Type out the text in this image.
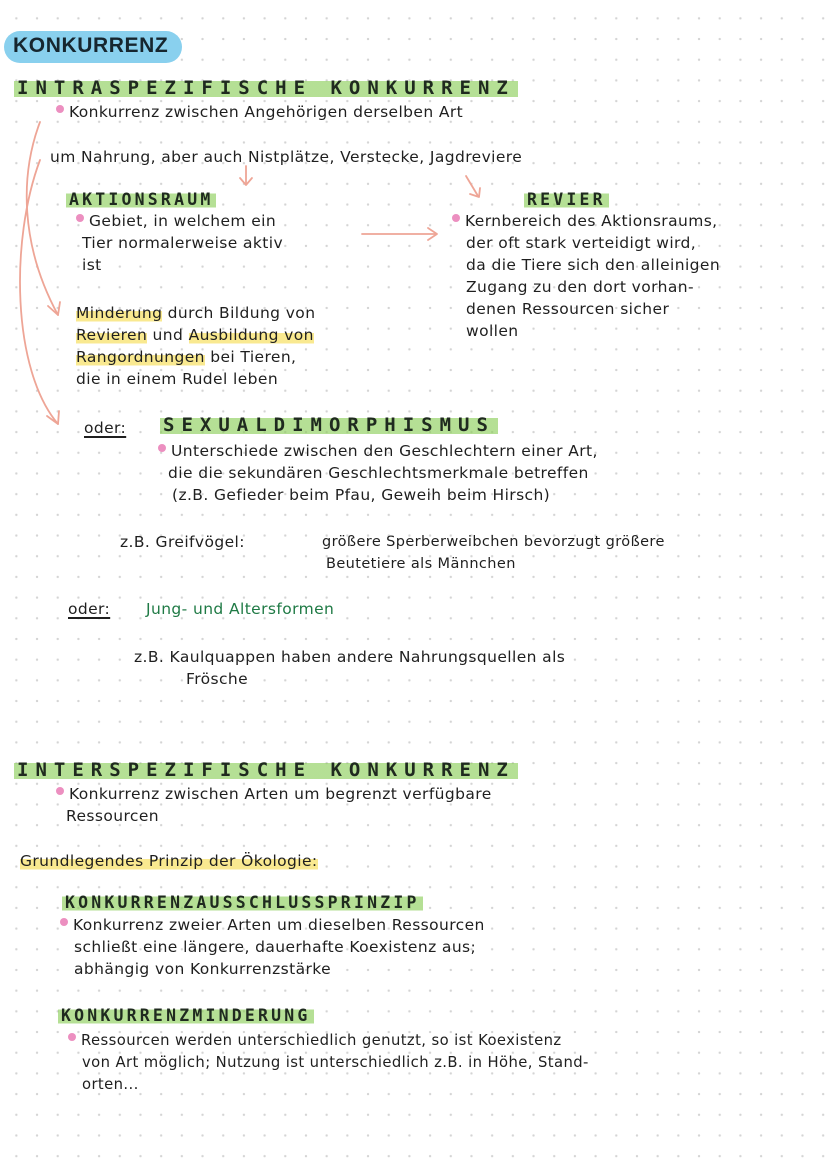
KONKURRENZ
INTRASPEZIFISCHE KONKURRENZ
Konkurrenz zwischen Angehörigen derselben Art
um Nahrung, aber auch Nistplätze, Verstecke, Jagdreviere
AKTIONSRAUM
Gebiet, in welchem ein
Tier normalerweise aktiv
ist
REVIER
Kernbereich des Aktionsraums,
der oft stark verteidigt wird,
da die Tiere sich den alleinigen
Zugang zu den dort vorhan-
denen Ressourcen sicher
wollen
Minderung durch Bildung von
Revieren und Ausbildung von
Rangordnungen bei Tieren,
die in einem Rudel leben
oder: SEXUALDIMORPHISMUS
Unterschiede zwischen den Geschlechtern einer Art,
die die sekundären Geschlechtsmerkmale betreffen
(z.B. Gefieder beim Pfau, Geweih beim Hirsch)
z.B. Greifvögel:	größere Sperberweibchen bevorzugt größere
Beutetiere als Männchen
oder: Jung- und Altersformen
z.B. Kaulquappen haben andere Nahrungsquellen als
Frösche
INTERSPEZIFISCHE KONKURRENZ
Konkurrenz zwischen Arten um begrenzt verfügbare
Ressourcen
Grundlegendes Prinzip der Ökologie:
KONKURRENZAUSSCHLUSSPRINZIP
Konkurrenz zweier Arten um dieselben Ressourcen
schließt eine längere, dauerhafte Koexistenz aus;
abhängig von Konkurrenzstärke
KONKURRENZMINDERUNG
Ressourcen werden unterschiedlich genutzt, so ist Koexistenz
von Art möglich; Nutzung ist unterschiedlich z.B. in Höhe, Stand-
orten...
